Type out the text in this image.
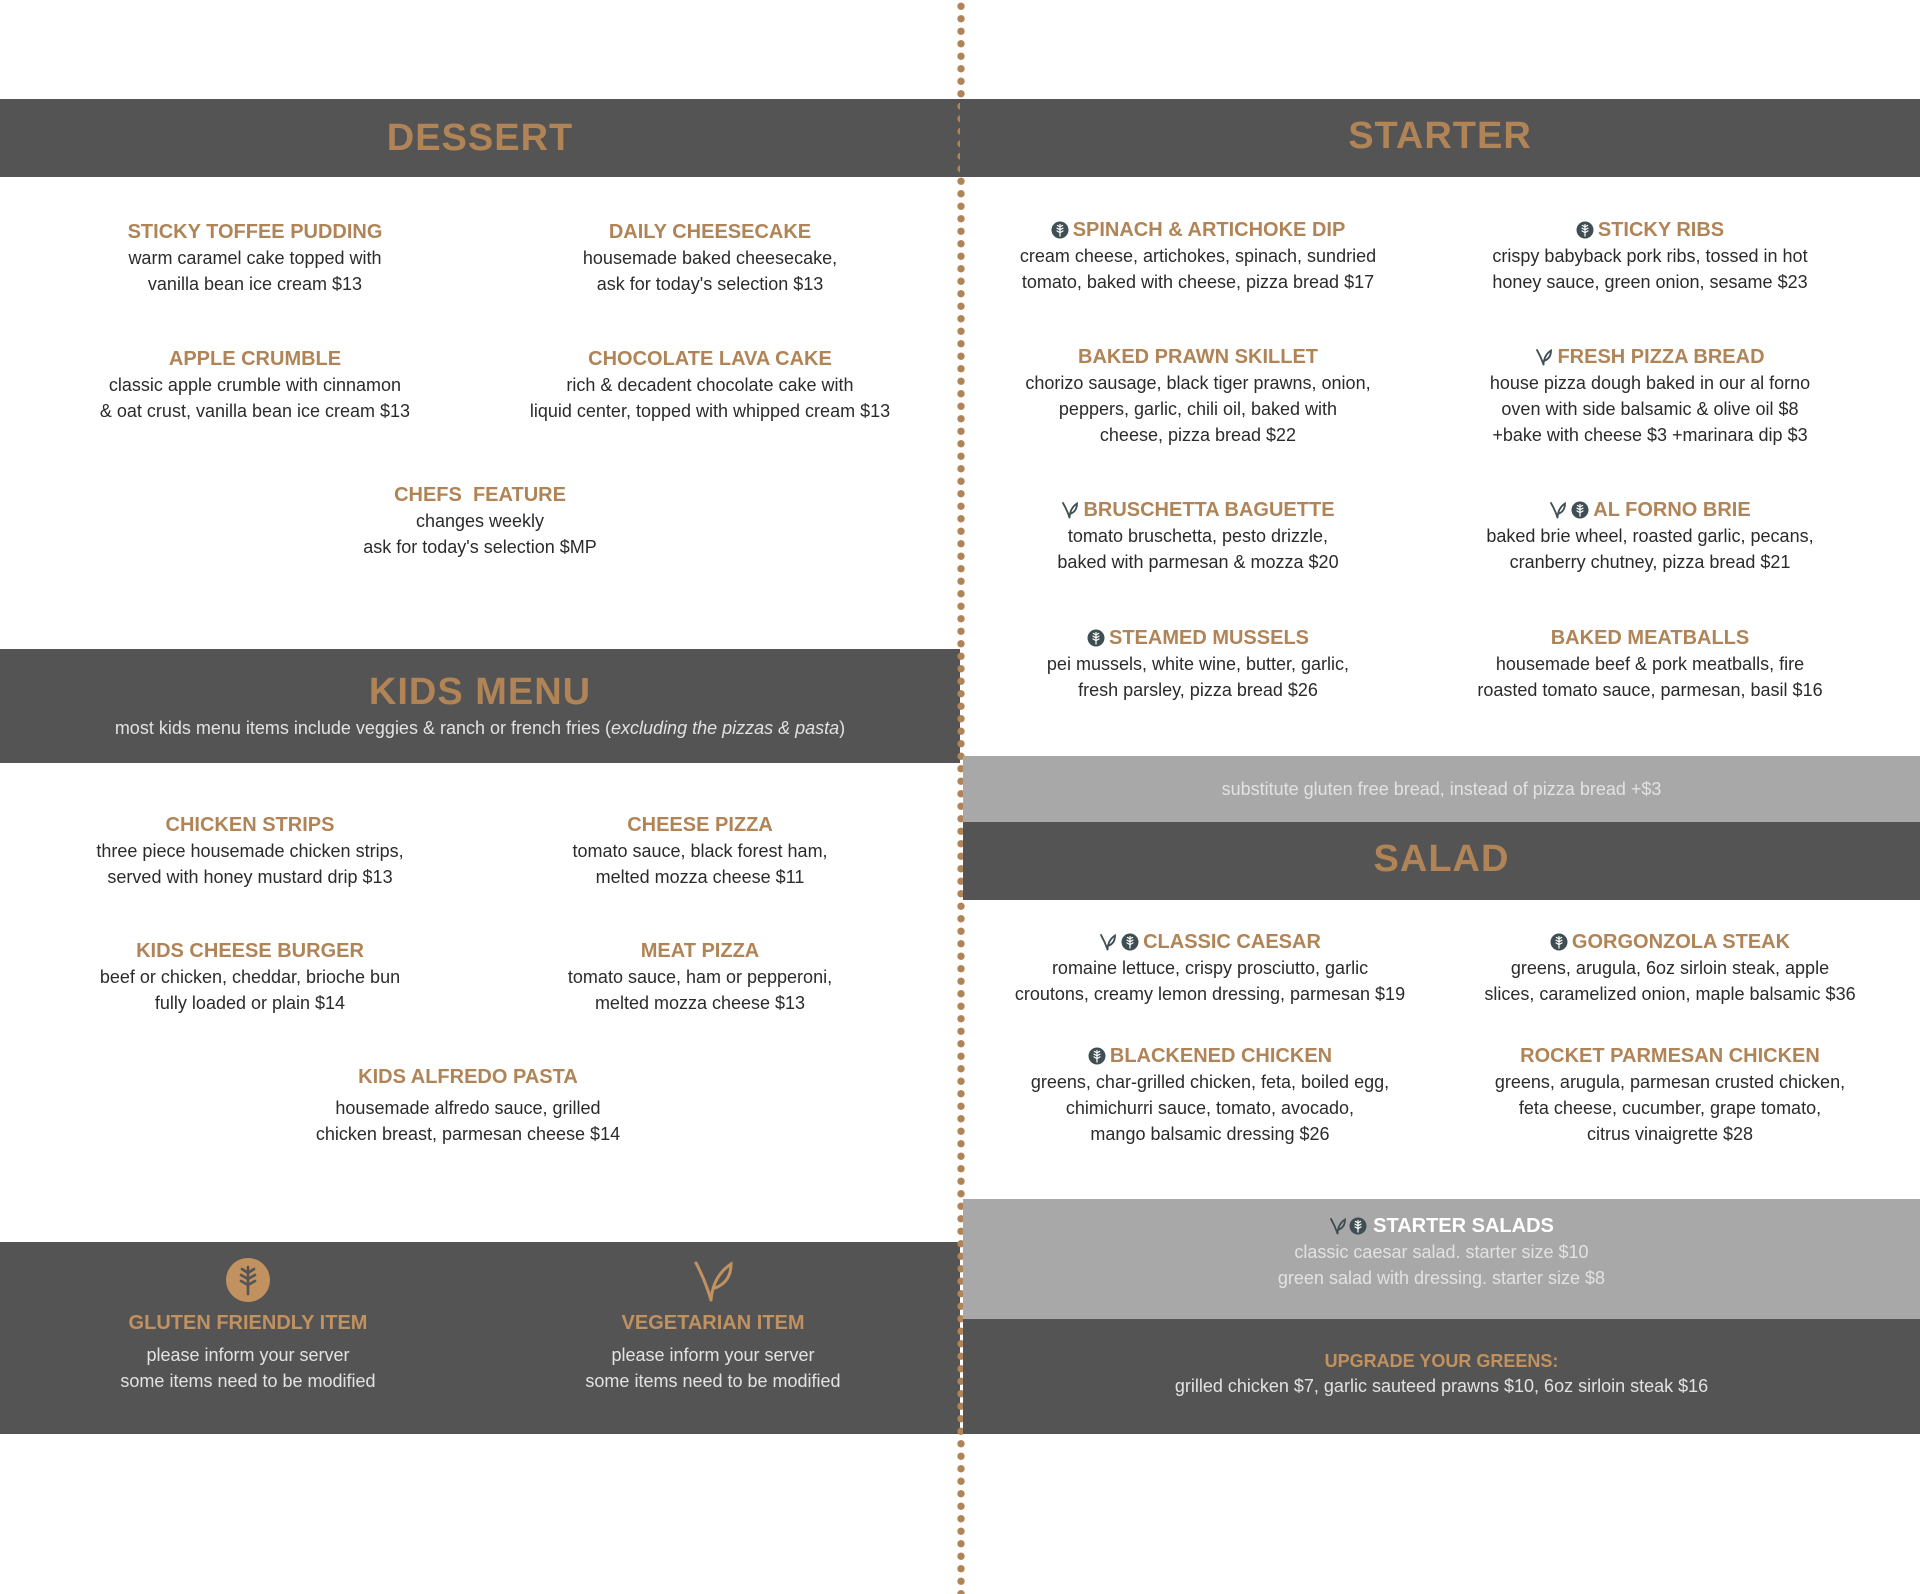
DESSERT
STICKY TOFFEE PUDDING
warm caramel cake topped with
vanilla bean ice cream $13
DAILY CHEESECAKE
housemade baked cheesecake,
ask for today's selection $13
APPLE CRUMBLE
classic apple crumble with cinnamon
& oat crust, vanilla bean ice cream $13
CHOCOLATE LAVA CAKE
rich & decadent chocolate cake with
liquid center, topped with whipped cream $13
CHEFS  FEATURE
changes weekly
ask for today's selection $MP
KIDS MENU
most kids menu items include veggies & ranch or french fries (excluding the pizzas & pasta)
CHICKEN STRIPS
three piece housemade chicken strips,
served with honey mustard drip $13
CHEESE PIZZA
tomato sauce, black forest ham,
melted mozza cheese $11
KIDS CHEESE BURGER
beef or chicken, cheddar, brioche bun
fully loaded or plain $14
MEAT PIZZA
tomato sauce, ham or pepperoni,
melted mozza cheese $13
KIDS ALFREDO PASTA
housemade alfredo sauce, grilled
chicken breast, parmesan cheese $14
GLUTEN FRIENDLY ITEM
please inform your server
some items need to be modified
VEGETARIAN ITEM
please inform your server
some items need to be modified
STARTER
SPINACH & ARTICHOKE DIP
cream cheese, artichokes, spinach, sundried
tomato, baked with cheese, pizza bread $17
STICKY RIBS
crispy babyback pork ribs, tossed in hot
honey sauce, green onion, sesame $23
BAKED PRAWN SKILLET
chorizo sausage, black tiger prawns, onion,
peppers, garlic, chili oil, baked with
cheese, pizza bread $22
FRESH PIZZA BREAD
house pizza dough baked in our al forno
oven with side balsamic & olive oil $8
+bake with cheese $3 +marinara dip $3
BRUSCHETTA BAGUETTE
tomato bruschetta, pesto drizzle,
baked with parmesan & mozza $20
AL FORNO BRIE
baked brie wheel, roasted garlic, pecans,
cranberry chutney, pizza bread $21
STEAMED MUSSELS
pei mussels, white wine, butter, garlic,
fresh parsley, pizza bread $26
BAKED MEATBALLS
housemade beef & pork meatballs, fire
roasted tomato sauce, parmesan, basil $16
substitute gluten free bread, instead of pizza bread +$3
SALAD
CLASSIC CAESAR
romaine lettuce, crispy prosciutto, garlic
croutons, creamy lemon dressing, parmesan $19
GORGONZOLA STEAK
greens, arugula, 6oz sirloin steak, apple
slices, caramelized onion, maple balsamic $36
BLACKENED CHICKEN
greens, char-grilled chicken, feta, boiled egg,
chimichurri sauce, tomato, avocado,
mango balsamic dressing $26
ROCKET PARMESAN CHICKEN
greens, arugula, parmesan crusted chicken,
feta cheese, cucumber, grape tomato,
citrus vinaigrette $28
STARTER SALADS
classic caesar salad. starter size $10
green salad with dressing. starter size $8
UPGRADE YOUR GREENS:
grilled chicken $7, garlic sauteed prawns $10, 6oz sirloin steak $16
